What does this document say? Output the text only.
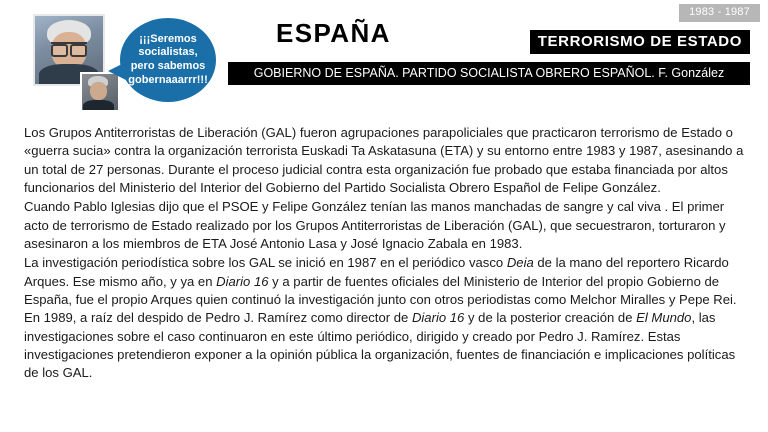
1983 - 1987
¡¡¡Seremos socialistas, pero sabemos gobernaaarrr!!!
ESPAÑA	TERRORISMO DE ESTADO
GOBIERNO DE ESPAÑA. PARTIDO SOCIALISTA OBRERO ESPAÑOL. F. González

Los Grupos Antiterroristas de Liberación (GAL) fueron agrupaciones parapoliciales que practicaron terrorismo de Estado o «guerra sucia» contra la organización terrorista Euskadi Ta Askatasuna (ETA) y su entorno entre 1983 y 1987, asesinando a un total de 27 personas. Durante el proceso judicial contra esta organización fue probado que estaba financiada por altos funcionarios del Ministerio del Interior del Gobierno del Partido Socialista Obrero Español de Felipe González.

Cuando Pablo Iglesias dijo que el PSOE y Felipe González tenían las manos manchadas de sangre y cal viva . El primer acto de terrorismo de Estado realizado por los Grupos Antiterroristas de Liberación (GAL), que secuestraron, torturaron y asesinaron a los miembros de ETA José Antonio Lasa y José Ignacio Zabala en 1983.

La investigación periodística sobre los GAL se inició en 1987 en el periódico vasco Deia de la mano del reportero Ricardo Arques. Ese mismo año, y ya en Diario 16 y a partir de fuentes oficiales del Ministerio de Interior del propio Gobierno de España, fue el propio Arques quien continuó la investigación junto con otros periodistas como Melchor Miralles y Pepe Rei. En 1989, a raíz del despido de Pedro J. Ramírez como director de Diario 16 y de la posterior creación de El Mundo, las investigaciones sobre el caso continuaron en este último periódico, dirigido y creado por Pedro J. Ramírez. Estas investigaciones pretendieron exponer a la opinión pública la organización, fuentes de financiación e implicaciones políticas de los GAL.
